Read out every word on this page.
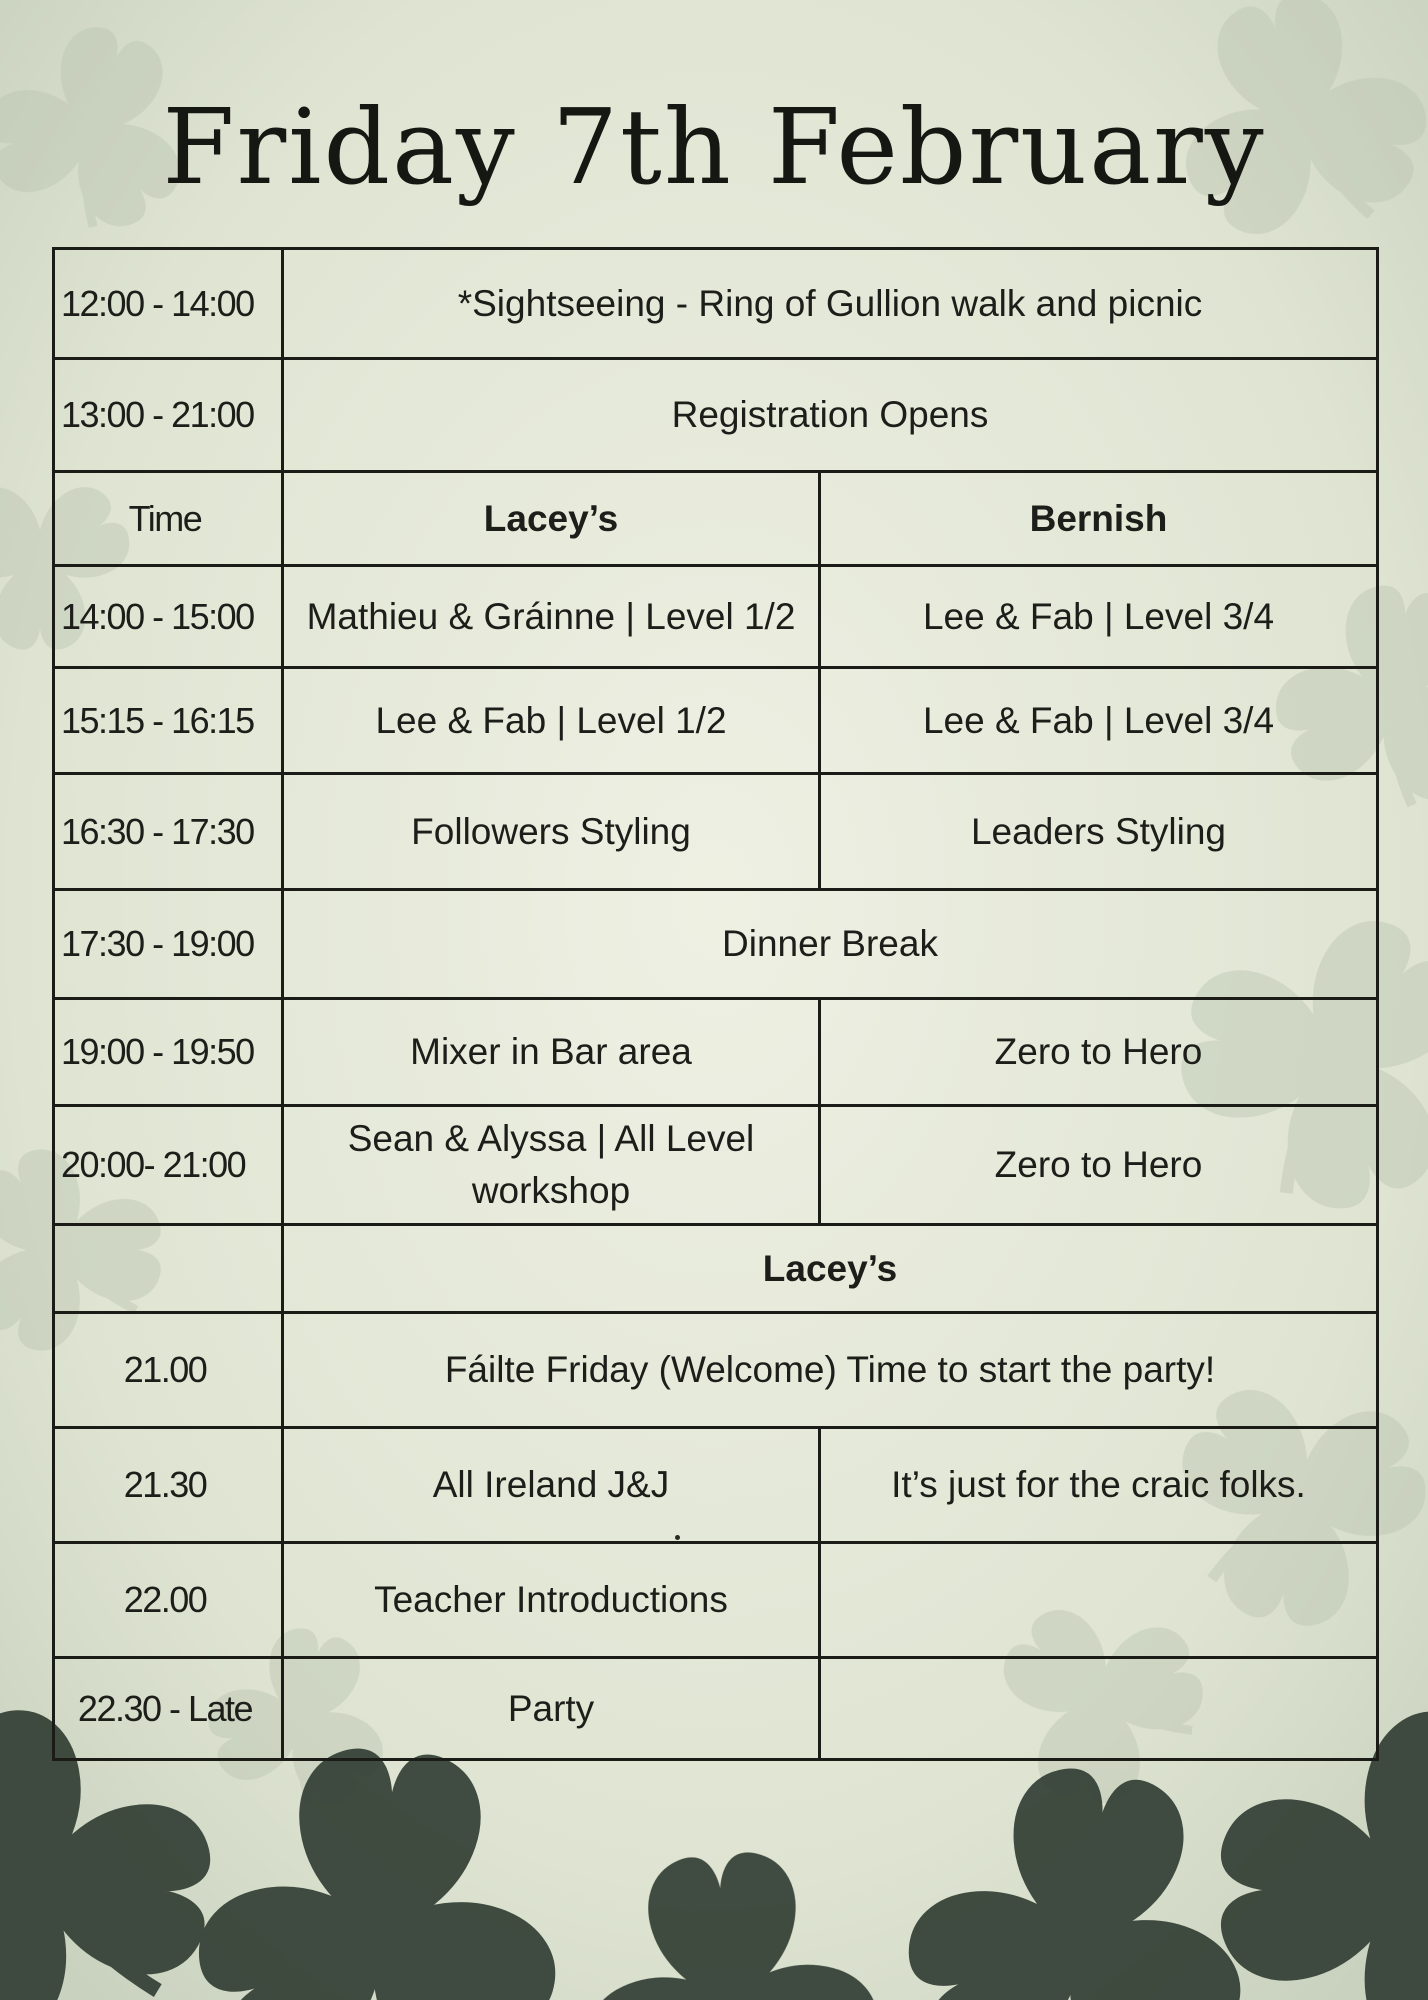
Friday 7th February
12:00 - 14:00	*Sightseeing - Ring of Gullion walk and picnic	
13:00 - 21:00	Registration Opens	
Time	Lacey’s	Bernish
14:00 - 15:00	Mathieu & Gráinne | Level 1/2	Lee & Fab | Level 3/4
15:15 - 16:15	Lee & Fab | Level 1/2	Lee & Fab | Level 3/4
16:30 - 17:30	Followers Styling	Leaders Styling
17:30 - 19:00	Dinner Break	
19:00 - 19:50	Mixer in Bar area	Zero to Hero
20:00- 21:00	Sean & Alyssa | All Level workshop	Zero to Hero
	Lacey’s	
21.00	Fáilte Friday (Welcome) Time to start the party!	
21.30	All Ireland J&J	It’s just for the craic folks.
22.00	Teacher Introductions	
22.30 - Late	Party	
